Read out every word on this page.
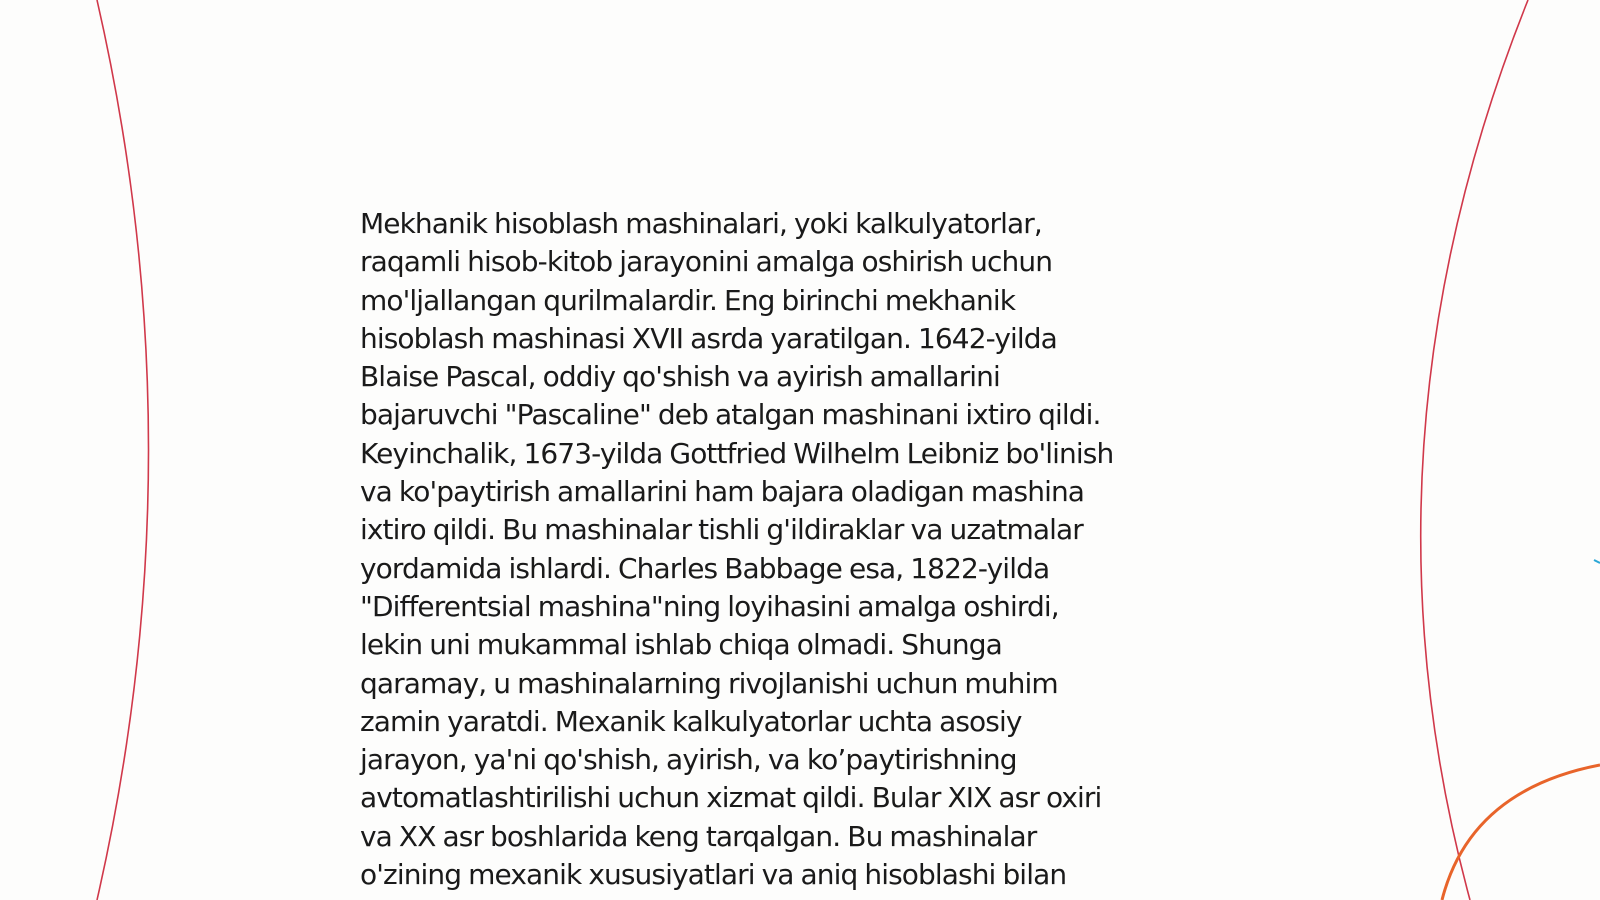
Mekhanik hisoblash mashinalari, yoki kalkulyatorlar,
raqamli hisob-kitob jarayonini amalga oshirish uchun
mo'ljallangan qurilmalardir. Eng birinchi mekhanik
hisoblash mashinasi XVII asrda yaratilgan. 1642-yilda
Blaise Pascal, oddiy qo'shish va ayirish amallarini
bajaruvchi "Pascaline" deb atalgan mashinani ixtiro qildi.
Keyinchalik, 1673-yilda Gottfried Wilhelm Leibniz bo'linish
va ko'paytirish amallarini ham bajara oladigan mashina
ixtiro qildi. Bu mashinalar tishli g'ildiraklar va uzatmalar
yordamida ishlardi. Charles Babbage esa, 1822-yilda
"Differentsial mashina"ning loyihasini amalga oshirdi,
lekin uni mukammal ishlab chiqa olmadi. Shunga
qaramay, u mashinalarning rivojlanishi uchun muhim
zamin yaratdi. Mexanik kalkulyatorlar uchta asosiy
jarayon, ya'ni qo'shish, ayirish, va ko’paytirishning
avtomatlashtirilishi uchun xizmat qildi. Bular XIX asr oxiri
va XX asr boshlarida keng tarqalgan. Bu mashinalar
o'zining mexanik xususiyatlari va aniq hisoblashi bilan
